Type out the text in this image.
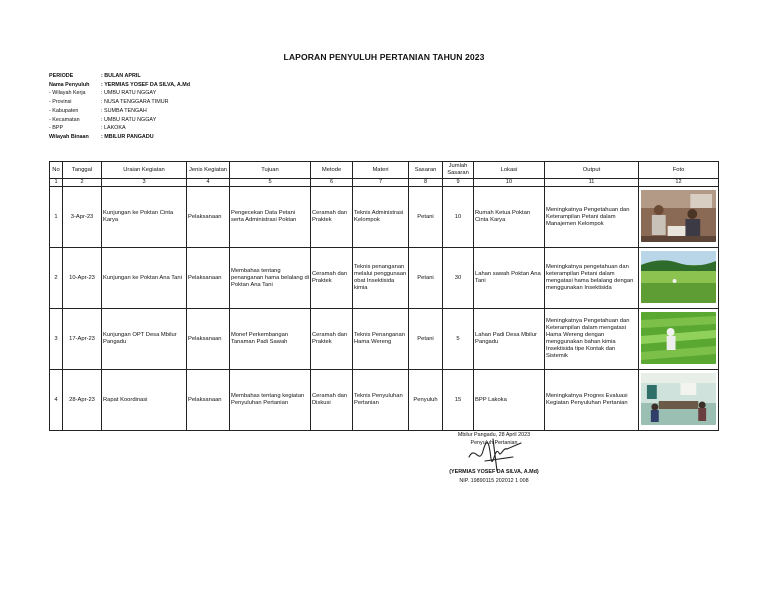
LAPORAN PENYULUH PERTANIAN TAHUN 2023
PERIODE	: BULAN APRIL
Nama Penyuluh	: YERMIAS YOSEF DA SILVA, A.Md
- Wilayah Kerja	: UMBU RATU NGGAY
- Provinsi	: NUSA TENGGARA TIMUR
- Kabupaten	: SUMBA TENGAH
- Kecamatan	: UMBU RATU NGGAY
- BPP	: LAKOKA
Wilayah Binaan	: MBILUR PANGADU
No	Tanggal	Uraian Kegiatan	Jenis Kegiatan	Tujuan	Metode	Materi	Sasaran	Jumlah Sasaran	Lokasi	Output	Foto
1	2	3	4	5	6	7	8	9	10	11	12
1	3-Apr-23	Kunjungan ke Poktan Cinta Karya	Pelaksanaan	Pengecekan Data Petani serta Administrasi Poktan	Ceramah dan Praktek	Teknis Administrasi Kelompok	Petani	10	Rumah Ketua Poktan Cinta Karya	Meningkatnya Pengetahuan dan Keterampilan Petani dalam Manajemen Kelompok	
2	10-Apr-23	Kunjungan ke Poktan Ana Tani	Pelaksanaan	Membahas tentang penanganan hama belalang di Poktan Ana Tani	Ceramah dan Praktek	Teknis penanganan melalui penggunaan obat Insektisida kimia	Petani	30	Lahan sawah Poktan Ana Tani	Meningkatnya pengetahuan dan keterampilan Petani dalam mengatasi hama belalang dengan menggunakan Insektisida	
3	17-Apr-23	Kunjungan OPT Desa Mbilur Pangadu	Pelaksanaan	Monef Perkembangan Tanaman Padi Sawah	Ceramah dan Praktek	Teknis Penanganan Hama Wereng	Petani	5	Lahan Padi Desa Mbilur Pangadu	Meningkatnya Pengetahuan dan Keterampilan dalam mengatasi Hama Wereng dengan menggunakan bahan kimia Insektisida tipe Kontak dan Sistemik	
4	28-Apr-23	Rapat Koordinasi	Pelaksanaan	Membahas tentang kegiatan Penyuluhan Pertanian	Ceramah dan Diskusi	Teknis Penyuluhan Pertanian	Penyuluh	15	BPP Lakoka	Meningkatnya Progres Evaluasi Kegiatan Penyuluhan Pertanian	
Mbilur Pangadu, 28 April 2023
Penyuluh Pertanian
(YERMIAS YOSEF DA SILVA, A.Md)
NIP. 19890115 202012 1 008
